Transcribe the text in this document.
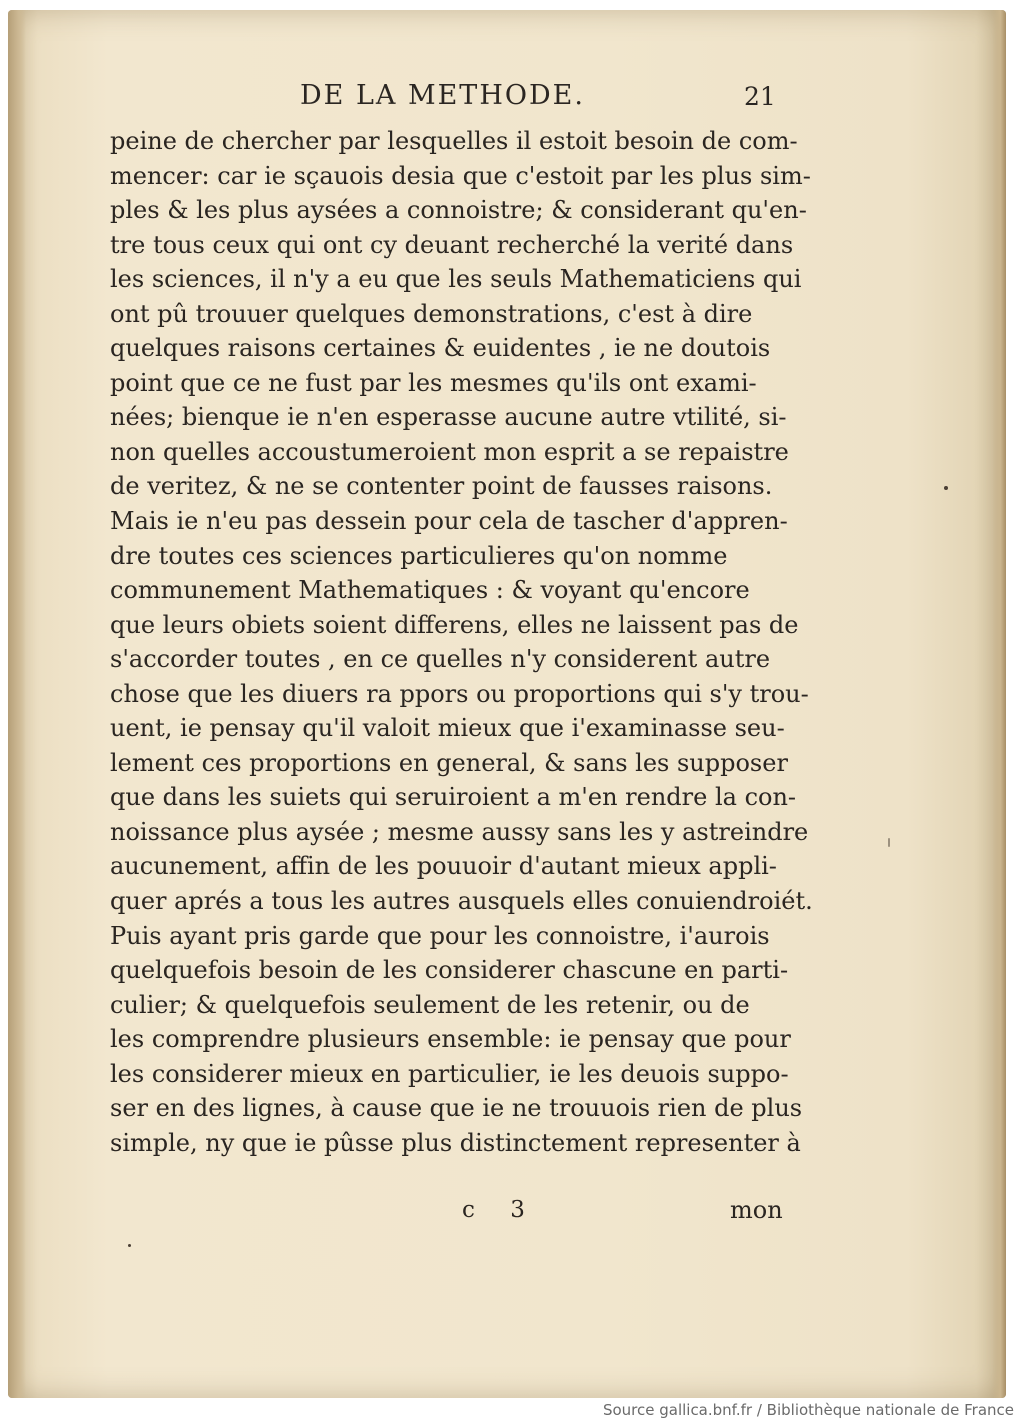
DE LA METHODE.	21
peine de chercher par lesquelles il estoit besoin de com-
mencer: car ie sçauois desia que c'estoit par les plus sim-
ples & les plus aysées a connoistre; & considerant qu'en-
tre tous ceux qui ont cy deuant recherché la verité dans
les sciences, il n'y a eu que les seuls Mathematiciens qui
ont pû trouuer quelques demonstrations, c'est à dire
quelques raisons certaines & euidentes , ie ne doutois
point que ce ne fust par les mesmes qu'ils ont exami-
nées; bienque ie n'en esperasse aucune autre vtilité, si-
non quelles accoustumeroient mon esprit a se repaistre
de veritez, & ne se contenter point de fausses raisons.
Mais ie n'eu pas dessein pour cela de tascher d'appren-
dre toutes ces sciences particulieres qu'on nomme
communement Mathematiques : & voyant qu'encore
que leurs obiets soient differens, elles ne laissent pas de
s'accorder toutes , en ce quelles n'y considerent autre
chose que les diuers ra ppors ou proportions qui s'y trou-
uent, ie pensay qu'il valoit mieux que i'examinasse seu-
lement ces proportions en general, & sans les supposer
que dans les suiets qui seruiroient a m'en rendre la con-
noissance plus aysée ; mesme aussy sans les y astreindre
aucunement, affin de les pouuoir d'autant mieux appli-
quer aprés a tous les autres ausquels elles conuiendroiét.
Puis ayant pris garde que pour les connoistre, i'aurois
quelquefois besoin de les considerer chascune en parti-
culier; & quelquefois seulement de les retenir, ou de
les comprendre plusieurs ensemble: ie pensay que pour
les considerer mieux en particulier, ie les deuois suppo-
ser en des lignes, à cause que ie ne trouuois rien de plus
simple, ny que ie pûsse plus distinctement representer à
c 3	mon
Source gallica.bnf.fr / Bibliothèque nationale de France
